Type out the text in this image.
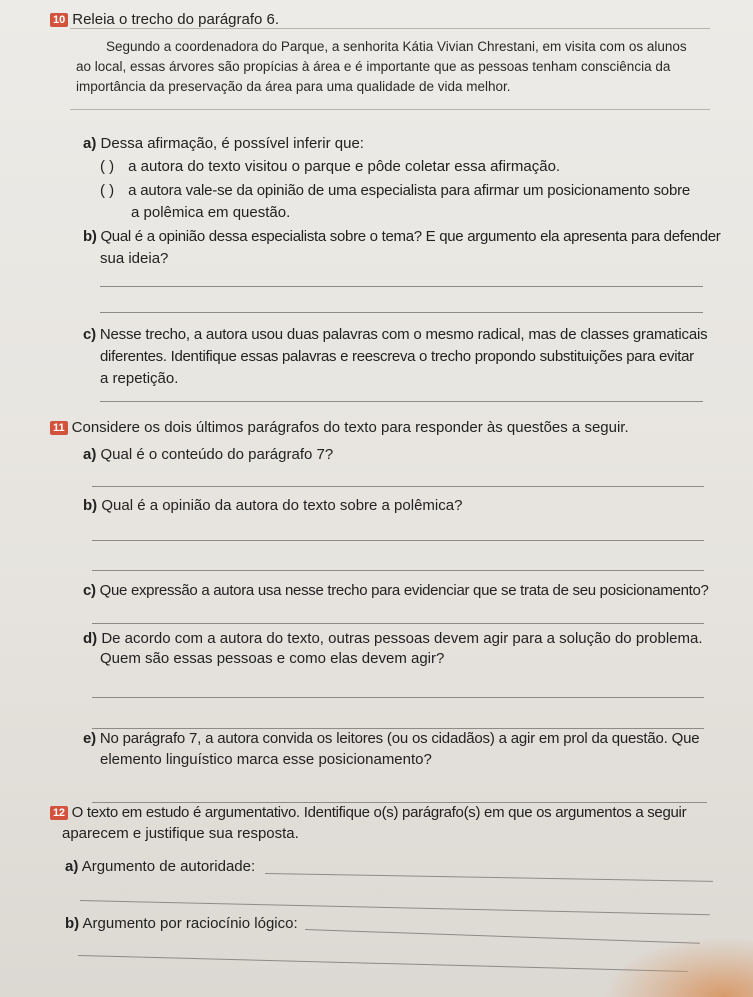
10 Releia o trecho do parágrafo 6.

Segundo a coordenadora do Parque, a senhorita Kátia Vivian Chrestani, em visita com os alunos ao local, essas árvores são propícias à área e é importante que as pessoas tenham consciência da importância da preservação da área para uma qualidade de vida melhor.

a) Dessa afirmação, é possível inferir que:
( ) a autora do texto visitou o parque e pôde coletar essa afirmação.
( ) a autora vale-se da opinião de uma especialista para afirmar um posicionamento sobre
a polêmica em questão.
b) Qual é a opinião dessa especialista sobre o tema? E que argumento ela apresenta para defender
sua ideia?
c) Nesse trecho, a autora usou duas palavras com o mesmo radical, mas de classes gramaticais
diferentes. Identifique essas palavras e reescreva o trecho propondo substituições para evitar
a repetição.
11 Considere os dois últimos parágrafos do texto para responder às questões a seguir.
a) Qual é o conteúdo do parágrafo 7?
b) Qual é a opinião da autora do texto sobre a polêmica?
c) Que expressão a autora usa nesse trecho para evidenciar que se trata de seu posicionamento?
d) De acordo com a autora do texto, outras pessoas devem agir para a solução do problema.
Quem são essas pessoas e como elas devem agir?
e) No parágrafo 7, a autora convida os leitores (ou os cidadãos) a agir em prol da questão. Que
elemento linguístico marca esse posicionamento?
12 O texto em estudo é argumentativo. Identifique o(s) parágrafo(s) em que os argumentos a seguir
aparecem e justifique sua resposta.
a) Argumento de autoridade:
b) Argumento por raciocínio lógico:
